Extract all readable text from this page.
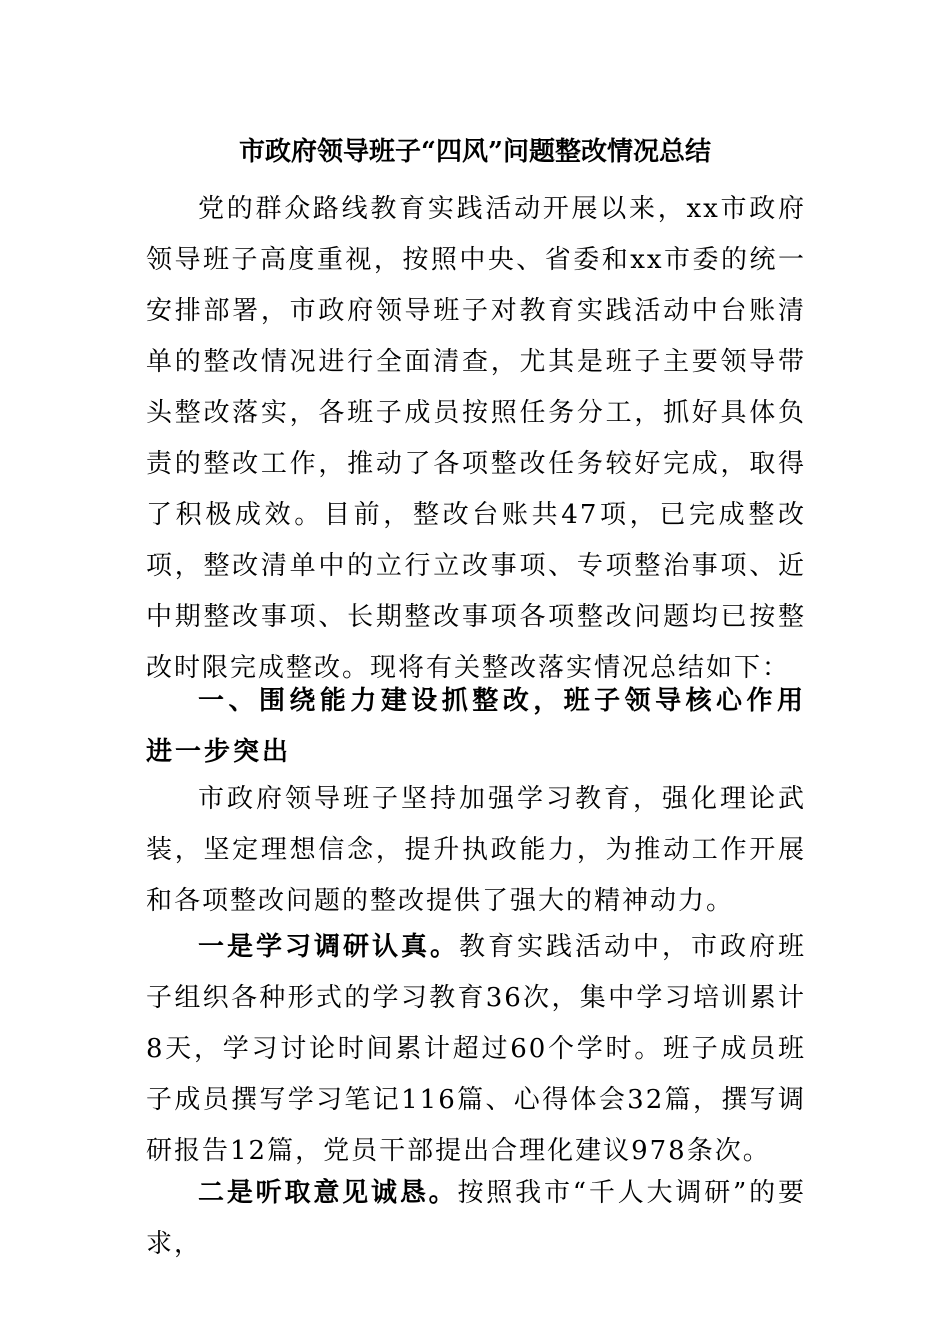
市政府领导班子“四风”问题整改情况总结
党的群众路线教育实践活动开展以来，xx市政府领导班子高度重视，按照中央、省委和xx市委的统一安排部署，市政府领导班子对教育实践活动中台账清单的整改情况进行全面清查，尤其是班子主要领导带头整改落实，各班子成员按照任务分工，抓好具体负责的整改工作，推动了各项整改任务较好完成，取得了积极成效。目前，整改台账共47项，已完成整改项，整改清单中的立行立改事项、专项整治事项、近中期整改事项、长期整改事项各项整改问题均已按整改时限完成整改。现将有关整改落实情况总结如下：
一、围绕能力建设抓整改，班子领导核心作用进一步突出
市政府领导班子坚持加强学习教育，强化理论武装，坚定理想信念，提升执政能力，为推动工作开展和各项整改问题的整改提供了强大的精神动力。
一是学习调研认真。教育实践活动中，市政府班子组织各种形式的学习教育36次，集中学习培训累计8天，学习讨论时间累计超过60个学时。班子成员班子成员撰写学习笔记116篇、心得体会32篇，撰写调研报告12篇，党员干部提出合理化建议978条次。
二是听取意见诚恳。按照我市“千人大调研”的要求，
